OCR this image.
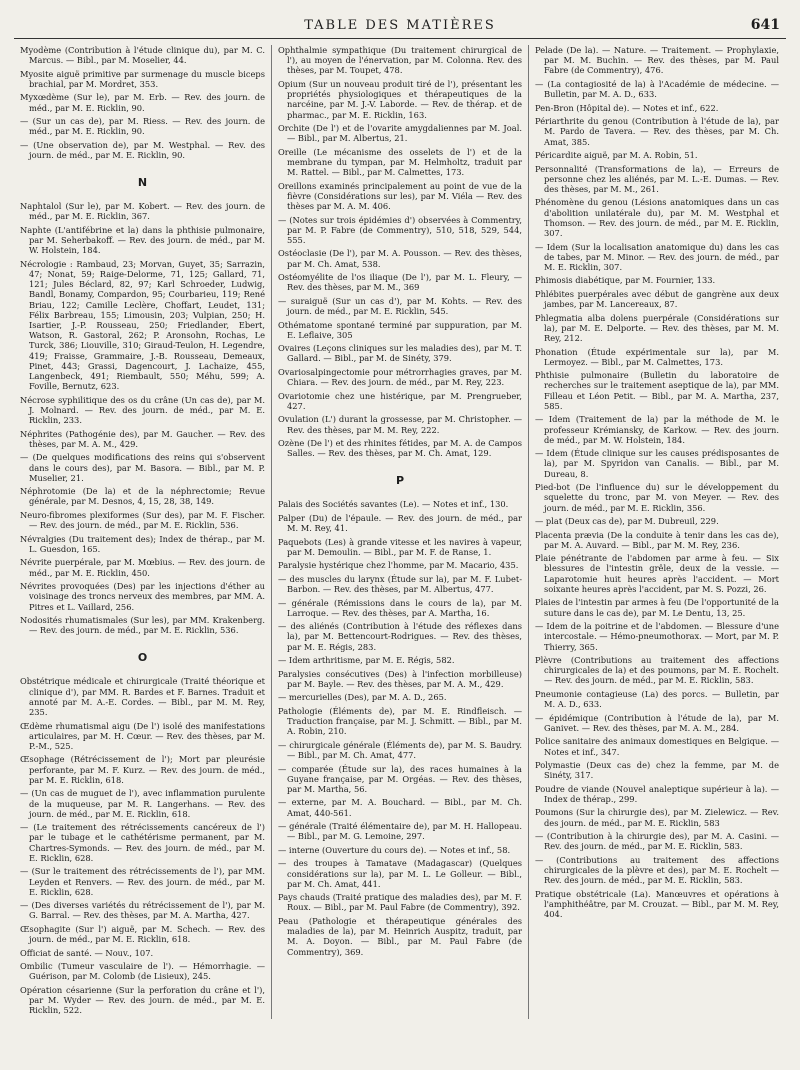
TABLE DES MATIÈRES	641

Myodème (Contribution à l'étude clinique du), par M. C. Marcus. — Bibl., par M. Moselier, 44.

Myosite aiguë primitive par surmenage du muscle biceps brachial, par M. Mordret, 353.

Myxœdème (Sur le), par M. Erb. — Rev. des journ. de méd., par M. E. Ricklin, 90.

— (Sur un cas de), par M. Riess. — Rev. des journ. de méd., par M. E. Ricklin, 90.

— (Une observation de), par M. Westphal. — Rev. des journ. de méd., par M. E. Ricklin, 90.

N

Naphtalol (Sur le), par M. Kobert. — Rev. des journ. de méd., par M. E. Ricklin, 367.

Naphte (L'antifébrine et la) dans la phthisie pulmonaire, par M. Seherbakoff. — Rev. des journ. de méd., par M. W. Holstein, 184.

Nécrologie : Rambaud, 23; Morvan, Guyet, 35; Sarrazin, 47; Nonat, 59; Raige-Delorme, 71, 125; Gallard, 71, 121; Jules Béclard, 82, 97; Karl Schroeder, Ludwig, Bandl, Bonamy, Compardon, 95; Courbarieu, 119; René Briau, 122; Camille Leclère, Choffart, Leudet, 131; Félix Barbreau, 155; Limousin, 203; Vulpian, 250; H. Isartier, J.-P. Rousseau, 250; Friedlander, Ebert, Watson, R. Gastoral, 262; P. Aronsohn, Rochas, Le Turck, 386; Liouville, 310; Giraud-Teulon, H. Legendre, 419; Fraisse, Grammaire, J.-B. Rousseau, Demeaux, Pinet, 443; Grassi, Dagencourt, J. Lachaize, 455, Langenbeck, 491; Riembault, 550; Méhu, 599; A. Foville, Bernutz, 623.

Nécrose syphilitique des os du crâne (Un cas de), par M. J. Molnard. — Rev. des journ. de méd., par M. E. Ricklin, 233.

Néphrites (Pathogénie des), par M. Gaucher. — Rev. des thèses, par M. A. M., 429.

— (De quelques modifications des reins qui s'observent dans le cours des), par M. Basora. — Bibl., par M. P. Muselier, 21.

Néphrotomie (De la) et de la néphrectomie; Revue générale, par M. Desnos, 4, 15, 28, 38, 149.

Neuro-fibromes plexiformes (Sur des), par M. F. Fischer. — Rev. des journ. de méd., par M. E. Ricklin, 536.

Névralgies (Du traitement des); Index de thérap., par M. L. Guesdon, 165.

Névrite puerpérale, par M. Mœbius. — Rev. des journ. de méd., par M. E. Ricklin, 450.

Névrites provoquées (Des) par les injections d'éther au voisinage des troncs nerveux des membres, par MM. A. Pitres et L. Vaillard, 256.

Nodosités rhumatismales (Sur les), par MM. Krakenberg. — Rev. des journ. de méd., par M. E. Ricklin, 536.

O

Obstétrique médicale et chirurgicale (Traité théorique et clinique d'), par MM. R. Bardes et F. Barnes. Traduit et annoté par M. A.-E. Cordes. — Bibl., par M. M. Rey, 235.

Œdème rhumatismal aigu (De l') isolé des manifestations articulaires, par M. H. Cœur. — Rev. des thèses, par M. P.-M., 525.

Œsophage (Rétrécissement de l'); Mort par pleurésie perforante, par M. F. Kurz. — Rev. des journ. de méd., par M. E. Ricklin, 618.

— (Un cas de muguet de l'), avec inflammation purulente de la muqueuse, par M. R. Langerhans. — Rev. des journ. de méd., par M. E. Ricklin, 618.

— (Le traitement des rétrécissements cancéreux de l') par le tubage et le cathétérisme permanent, par M. Chartres-Symonds. — Rev. des journ. de méd., par M. E. Ricklin, 628.

— (Sur le traitement des rétrécissements de l'), par MM. Leyden et Renvers. — Rev. des journ. de méd., par M. E. Ricklin, 628.

— (Des diverses variétés du rétrécissement de l'), par M. G. Barral. — Rev. des thèses, par M. A. Martha, 427.

Œsophagite (Sur l') aiguë, par M. Schech. — Rev. des journ. de méd., par M. E. Ricklin, 618.

Officiat de santé. — Nouv., 107.

Ombilic (Tumeur vasculaire de l'). — Hémorrhagie. — Guérison, par M. Colomb (de Lisieux), 245.

Opération césarienne (Sur la perforation du crâne et l'), par M. Wyder — Rev. des journ. de méd., par M. E. Ricklin, 522.

Ophthalmie sympathique (Du traitement chirurgical de l'), au moyen de l'énervation, par M. Colonna. Rev. des thèses, par M. Toupet, 478.

Opium (Sur un nouveau produit tiré de l'), présentant les propriétés physiologiques et thérapeutiques de la narcéine, par M. J.-V. Laborde. — Rev. de thérap. et de pharmac., par M. E. Ricklin, 163.

Orchite (De l') et de l'ovarite amygdaliennes par M. Joal. — Bibl., par M. Albertus, 21.

Oreille (Le mécanisme des osselets de l') et de la membrane du tympan, par M. Helmholtz, traduit par M. Rattel. — Bibl., par M. Calmettes, 173.

Oreillons examinés principalement au point de vue de la fièvre (Considérations sur les), par M. Viéla — Rev. des thèses par M. A. M. 406.

— (Notes sur trois épidémies d') observées à Commentry, par M. P. Fabre (de Commentry), 510, 518, 529, 544, 555.

Ostéoclasie (De l'), par M. A. Pousson. — Rev. des thèses, par M. Ch. Amat, 538.

Ostéomyélite de l'os iliaque (De l'), par M. L. Fleury, — Rev. des thèses, par M. M., 369

— suraiguë (Sur un cas d'), par M. Kohts. — Rev. des journ. de méd., par M. E. Ricklin, 545.

Othématome spontané terminé par suppuration, par M. E. Leflaive, 305

Ovaires (Leçons cliniques sur les maladies des), par M. T. Gallard. — Bibl., par M. de Sinéty, 379.

Ovariosalpingectomie pour métrorrhagies graves, par M. Chiara. — Rev. des journ. de méd., par M. Rey, 223.

Ovariotomie chez une histérique, par M. Prengrueber, 427.

Ovulation (L') durant la grossesse, par M. Christopher. — Rev. des thèses, par M. M. Rey, 222.

Ozène (De l') et des rhinites fétides, par M. A. de Campos Salles. — Rev. des thèses, par M. Ch. Amat, 129.

P

Palais des Sociétés savantes (Le). — Notes et inf., 130.

Palper (Du) de l'épaule. — Rev. des journ. de méd., par M. M. Rey, 41.

Paquebots (Les) à grande vitesse et les navires à vapeur, par M. Demoulin. — Bibl., par M. F. de Ranse, 1.

Paralysie hystérique chez l'homme, par M. Macario, 435.

— des muscles du larynx (Étude sur la), par M. F. Lubet-Barbon. — Rev. des thèses, par M. Albertus, 477.

— générale (Rémissions dans le cours de la), par M. Larroque. — Rev. des thèses, par A. Martha, 16.

— des aliénés (Contribution à l'étude des réflexes dans la), par M. Bettencourt-Rodrigues. — Rev. des thèses, par M. E. Régis, 283.

— Idem arthritisme, par M. E. Régis, 582.

Paralysies consécutives (Des) à l'infection morbilleuse) par M. Bayle. — Rev. des thèses, par M. A. M., 429.

— mercurielles (Des), par M. A. D., 265.

Pathologie (Éléments de), par M. E. Rindfleisch. — Traduction française, par M. J. Schmitt. — Bibl., par M. A. Robin, 210.

— chirurgicale générale (Éléments de), par M. S. Baudry. — Bibl., par M. Ch. Amat, 477.

— comparée (Étude sur la), des races humaines à la Guyane française, par M. Orgéas. — Rev. des thèses, par M. Martha, 56.

— externe, par M. A. Bouchard. — Bibl., par M. Ch. Amat, 440-561.

— générale (Traité élémentaire de), par M. H. Hallopeau. — Bibl., par M. G. Lemoine, 297.

— interne (Ouverture du cours de). — Notes et inf., 58.

— des troupes à Tamatave (Madagascar) (Quelques considérations sur la), par M. L. Le Golleur. — Bibl., par M. Ch. Amat, 441.

Pays chauds (Traité pratique des maladies des), par M. F. Roux. — Bibl., par M. Paul Fabre (de Commentry), 392.

Peau (Pathologie et thérapeutique générales des maladies de la), par M. Heinrich Auspitz, traduit, par M. A. Doyon. — Bibl., par M. Paul Fabre (de Commentry), 369.

Pelade (De la). — Nature. — Traitement. — Prophylaxie, par M. M. Buchin. — Rev. des thèses, par M. Paul Fabre (de Commentry), 476.

— (La contagiosité de la) à l'Académie de médecine. — Bulletin, par M. A. D., 633.

Pen-Bron (Hôpital de). — Notes et inf., 622.

Périarthrite du genou (Contribution à l'étude de la), par M. Pardo de Tavera. — Rev. des thèses, par M. Ch. Amat, 385.

Péricardite aiguë, par M. A. Robin, 51.

Personnalité (Transformations de la), — Erreurs de personne chez les aliénés, par M. L.-E. Dumas. — Rev. des thèses, par M. M., 261.

Phénomène du genou (Lésions anatomiques dans un cas d'abolition unilatérale du), par M. M. Westphal et Thomson. — Rev. des journ. de méd., par M. E. Ricklin, 307.

— Idem (Sur la localisation anatomique du) dans les cas de tabes, par M. Minor. — Rev. des journ. de méd., par M. E. Ricklin, 307.

Phimosis diabétique, par M. Fournier, 133.

Phlébites puerpérales avec début de gangrène aux deux jambes, par M. Lancereaux, 87.

Phlegmatia alba dolens puerpérale (Considérations sur la), par M. E. Delporte. — Rev. des thèses, par M. M. Rey, 212.

Phonation (Étude expérimentale sur la), par M. Lermoyez. — Bibl., par M. Calmettes, 173.

Phthisie pulmonaire (Bulletin du laboratoire de recherches sur le traitement aseptique de la), par MM. Filleau et Léon Petit. — Bibl., par M. A. Martha, 237, 585.

— Idem (Traitement de la) par la méthode de M. le professeur Krémiansky, de Karkow. — Rev. des journ. de méd., par M. W. Holstein, 184.

— Idem (Étude clinique sur les causes prédisposantes de la), par M. Spyridon van Canalis. — Bibl., par M. Dureau, 8.

Pied-bot (De l'influence du) sur le développement du squelette du tronc, par M. von Meyer. — Rev. des journ. de méd., par M. E. Ricklin, 356.

— plat (Deux cas de), par M. Dubreuil, 229.

Placenta prævia (De la conduite à tenir dans les cas de), par M. A. Auvard. — Bibl., par M. M. Rey, 236.

Plaie pénétrante de l'abdomen par arme à feu. — Six blessures de l'intestin grêle, deux de la vessie. — Laparotomie huit heures après l'accident. — Mort soixante heures après l'accident, par M. S. Pozzi, 26.

Plaies de l'intestin par armes à feu (De l'opportunité de la suture dans le cas de), par M. Le Dentu, 13, 25.

— Idem de la poitrine et de l'abdomen. — Blessure d'une intercostale. — Hémo-pneumothorax. — Mort, par M. P. Thierry, 365.

Plèvre (Contributions au traitement des affections chirurgicales de la) et des poumons, par M. E. Rochelt. — Rev. des journ. de méd., par M. E. Ricklin, 583.

Pneumonie contagieuse (La) des porcs. — Bulletin, par M. A. D., 633.

— épidémique (Contribution à l'étude de la), par M. Ganivet. — Rev. des thèses, par M. A. M., 284.

Police sanitaire des animaux domestiques en Belgique. — Notes et inf., 347.

Polymastie (Deux cas de) chez la femme, par M. de Sinéty, 317.

Poudre de viande (Nouvel analeptique supérieur à la). — Index de thérap., 299.

Poumons (Sur la chirurgie des), par M. Zielewicz. — Rev. des journ. de méd., par M. E. Ricklin, 583

— (Contribution à la chirurgie des), par M. A. Casini. — Rev. des journ. de méd., par M. E. Ricklin, 583.

— (Contributions au traitement des affections chirurgicales de la plèvre et des), par M. E. Rochelt — Rev. des journ. de méd., par M. E. Ricklin, 583.

Pratique obstétricale (La). Manœuvres et opérations à l'amphithéâtre, par M. Crouzat. — Bibl., par M. M. Rey, 404.
